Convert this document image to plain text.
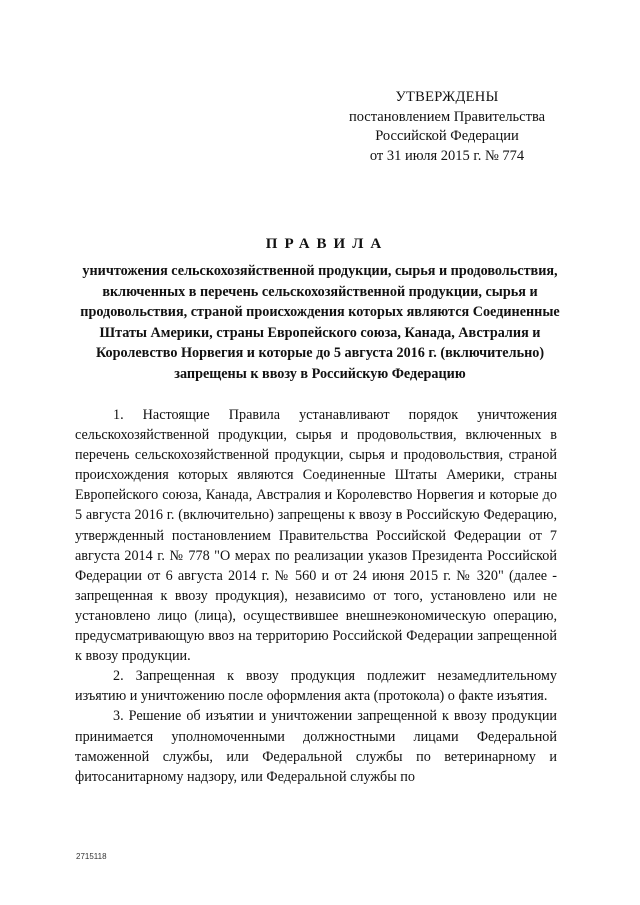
УТВЕРЖДЕНЫ
постановлением Правительства
Российской Федерации
от 31 июля 2015 г. № 774
ПРАВИЛА
уничтожения сельскохозяйственной продукции, сырья и продовольствия, включенных в перечень сельскохозяйственной продукции, сырья и продовольствия, страной происхождения которых являются Соединенные Штаты Америки, страны Европейского союза, Канада, Австралия и Королевство Норвегия и которые до 5 августа 2016 г. (включительно) запрещены к ввозу в Российскую Федерацию

1. Настоящие Правила устанавливают порядок уничтожения сельскохозяйственной продукции, сырья и продовольствия, включенных в перечень сельскохозяйственной продукции, сырья и продовольствия, страной происхождения которых являются Соединенные Штаты Америки, страны Европейского союза, Канада, Австралия и Королевство Норвегия и которые до 5 августа 2016 г. (включительно) запрещены к ввозу в Российскую Федерацию, утвержденный постановлением Правительства Российской Федерации от 7 августа 2014 г. № 778 "О мерах по реализации указов Президента Российской Федерации от 6 августа 2014 г. № 560 и от 24 июня 2015 г. № 320" (далее - запрещенная к ввозу продукция), независимо от того, установлено или не установлено лицо (лица), осуществившее внешнеэкономическую операцию, предусматривающую ввоз на территорию Российской Федерации запрещенной к ввозу продукции.

2. Запрещенная к ввозу продукция подлежит незамедлительному изъятию и уничтожению после оформления акта (протокола) о факте изъятия.

3. Решение об изъятии и уничтожении запрещенной к ввозу продукции принимается уполномоченными должностными лицами Федеральной таможенной службы, или Федеральной службы по ветеринарному и фитосанитарному надзору, или Федеральной службы по

2715118
